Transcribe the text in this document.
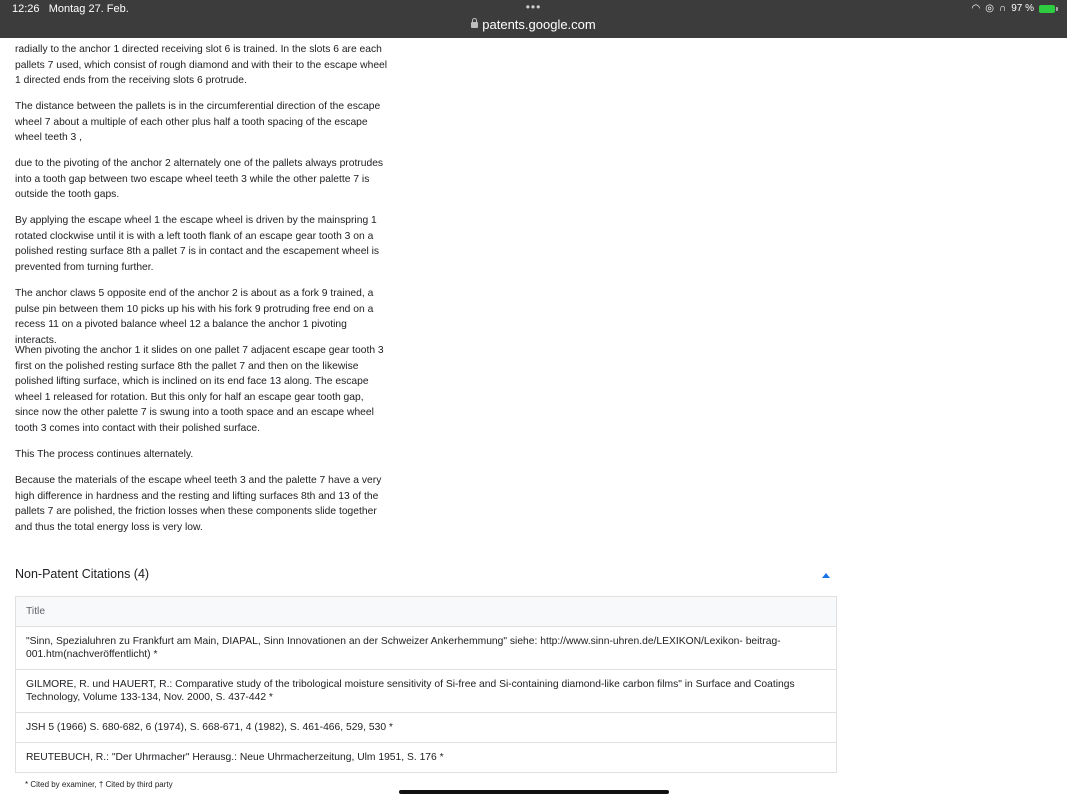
12:26 Montag 27. Feb.	•••
patents.google.com
◠ ◎ ∩ 97 %

radially to the anchor 1 directed receiving slot 6 is trained. In the slots 6 are each pallets 7 used, which consist of rough diamond and with their to the escape wheel 1 directed ends from the receiving slots 6 protrude.

The distance between the pallets is in the circumferential direction of the escape wheel 7 about a multiple of each other plus half a tooth spacing of the escape wheel teeth 3 ,

due to the pivoting of the anchor 2 alternately one of the pallets always protrudes into a tooth gap between two escape wheel teeth 3 while the other palette 7 is outside the tooth gaps.

By applying the escape wheel 1 the escape wheel is driven by the mainspring 1 rotated clockwise until it is with a left tooth flank of an escape gear tooth 3 on a polished resting surface 8th a pallet 7 is in contact and the escapement wheel is prevented from turning further.

The anchor claws 5 opposite end of the anchor 2 is about as a fork 9 trained, a pulse pin between them 10 picks up his with his fork 9 protruding free end on a recess 11 on a pivoted balance wheel 12 a balance the anchor 1 pivoting interacts.

When pivoting the anchor 1 it slides on one pallet 7 adjacent escape gear tooth 3 first on the polished resting surface 8th the pallet 7 and then on the likewise polished lifting surface, which is inclined on its end face 13 along. The escape wheel 1 released for rotation. But this only for half an escape gear tooth gap, since now the other palette 7 is swung into a tooth space and an escape wheel tooth 3 comes into contact with their polished surface.

This The process continues alternately.

Because the materials of the escape wheel teeth 3 and the palette 7 have a very high difference in hardness and the resting and lifting surfaces 8th and 13 of the pallets 7 are polished, the friction losses when these components slide together and thus the total energy loss is very low.

Non-Patent Citations (4)
Title
"Sinn, Spezialuhren zu Frankfurt am Main, DIAPAL, Sinn Innovationen an der Schweizer Ankerhemmung" siehe: http://www.sinn-uhren.de/LEXIKON/Lexikon- beitrag-001.htm(nachveröffentlicht) *
GILMORE, R. und HAUERT, R.: Comparative study of the tribological moisture sensitivity of Si-free and Si-containing diamond-like carbon films" in Surface and Coatings Technology, Volume 133-134, Nov. 2000, S. 437-442 *
JSH 5 (1966) S. 680-682, 6 (1974), S. 668-671, 4 (1982), S. 461-466, 529, 530 *
REUTEBUCH, R.: "Der Uhrmacher" Herausg.: Neue Uhrmacherzeitung, Ulm 1951, S. 176 *
* Cited by examiner, † Cited by third party
